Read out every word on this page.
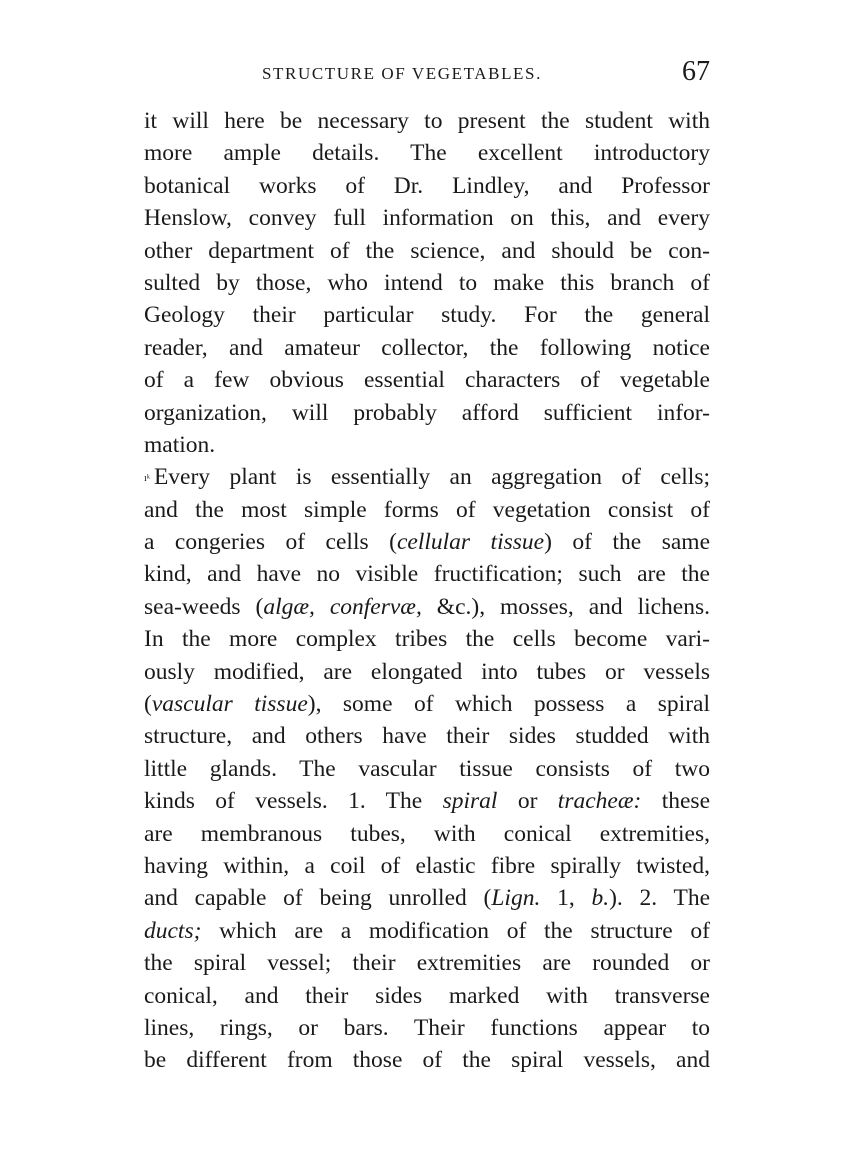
STRUCTURE OF VEGETABLES.	67
it will here be necessary to present the student with
more ample details. The excellent introductory
botanical works of Dr. Lindley, and Professor
Henslow, convey full information on this, and every
other department of the science, and should be con-
sulted by those, who intend to make this branch of
Geology their particular study. For the general
reader, and amateur collector, the following notice
of a few obvious essential characters of vegetable
organization, will probably afford sufficient infor-
mation.
ıᵏ Every plant is essentially an aggregation of cells;
and the most simple forms of vegetation consist of
a congeries of cells (cellular tissue) of the same
kind, and have no visible fructification; such are the
sea-weeds (algæ, confervæ, &c.), mosses, and lichens.
In the more complex tribes the cells become vari-
ously modified, are elongated into tubes or vessels
(vascular tissue), some of which possess a spiral
structure, and others have their sides studded with
little glands. The vascular tissue consists of two
kinds of vessels. 1. The spiral or tracheæ: these
are membranous tubes, with conical extremities,
having within, a coil of elastic fibre spirally twisted,
and capable of being unrolled (Lign. 1, b.). 2. The
ducts; which are a modification of the structure of
the spiral vessel; their extremities are rounded or
conical, and their sides marked with transverse
lines, rings, or bars. Their functions appear to
be different from those of the spiral vessels, and
